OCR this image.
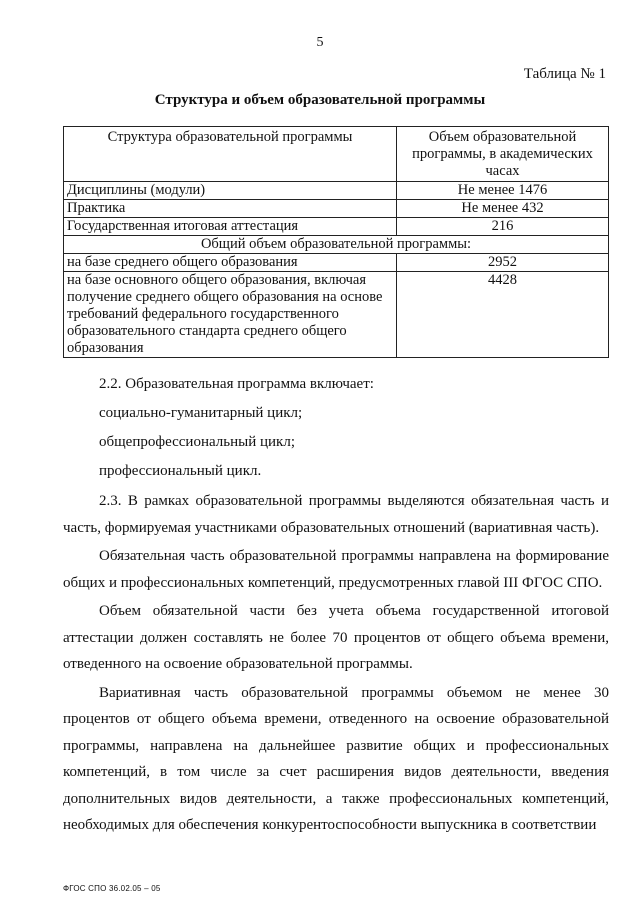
5
Таблица № 1
Структура и объем образовательной программы
Структура образовательной программы	Объем образовательной программы, в академических часах
Дисциплины (модули)	Не менее 1476
Практика	Не менее 432
Государственная итоговая аттестация	216
Общий объем образовательной программы:	
на базе среднего общего образования	2952
на базе основного общего образования, включая получение среднего общего образования на основе требований федерального государственного образовательного стандарта среднего общего образования	4428

2.2. Образовательная программа включает:

социально-гуманитарный цикл;

общепрофессиональный цикл;

профессиональный цикл.

2.3. В рамках образовательной программы выделяются обязательная часть и часть, формируемая участниками образовательных отношений (вариативная часть).

Обязательная часть образовательной программы направлена на формирование общих и профессиональных компетенций, предусмотренных главой III ФГОС СПО.

Объем обязательной части без учета объема государственной итоговой аттестации должен составлять не более 70 процентов от общего объема времени, отведенного на освоение образовательной программы.

Вариативная часть образовательной программы объемом не менее 30 процентов от общего объема времени, отведенного на освоение образовательной программы, направлена на дальнейшее развитие общих и профессиональных компетенций, в том числе за счет расширения видов деятельности, введения дополнительных видов деятельности, а также профессиональных компетенций, необходимых для обеспечения конкурентоспособности выпускника в соответствии

ФГОС СПО 36.02.05 – 05
